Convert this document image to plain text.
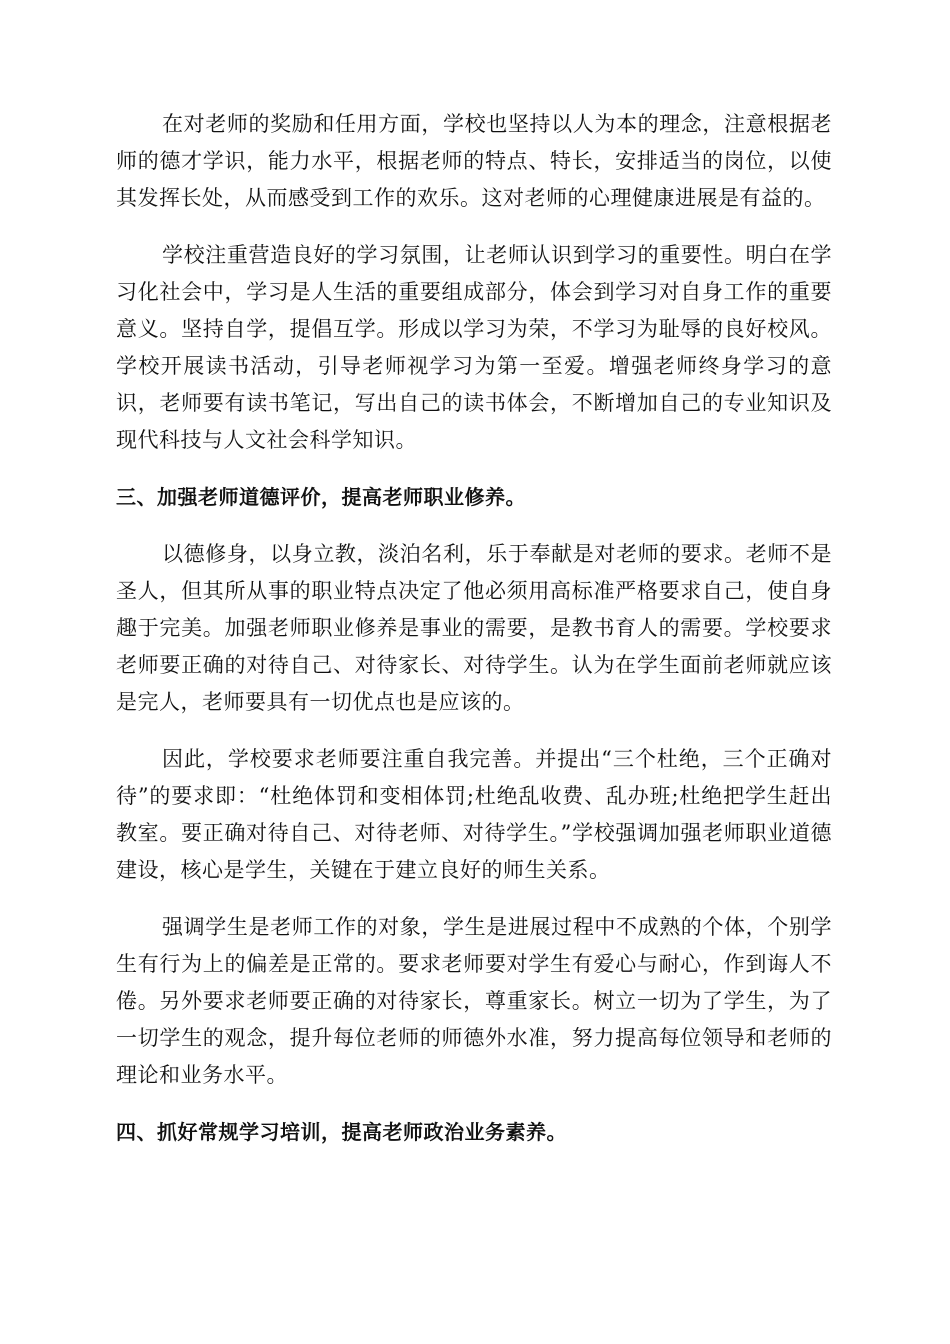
在对老师的奖励和任用方面，学校也坚持以人为本的理念，注意根据老师的德才学识，能力水平，根据老师的特点、特长，安排适当的岗位，以使其发挥长处，从而感受到工作的欢乐。这对老师的心理健康进展是有益的。

学校注重营造良好的学习氛围，让老师认识到学习的重要性。明白在学习化社会中，学习是人生活的重要组成部分，体会到学习对自身工作的重要意义。坚持自学，提倡互学。形成以学习为荣，不学习为耻辱的良好校风。学校开展读书活动，引导老师视学习为第一至爱。增强老师终身学习的意识，老师要有读书笔记，写出自己的读书体会，不断增加自己的专业知识及现代科技与人文社会科学知识。

三、加强老师道德评价，提高老师职业修养。

以德修身，以身立教，淡泊名利，乐于奉献是对老师的要求。老师不是圣人，但其所从事的职业特点决定了他必须用高标准严格要求自己，使自身趣于完美。加强老师职业修养是事业的需要，是教书育人的需要。学校要求老师要正确的对待自己、对待家长、对待学生。认为在学生面前老师就应该是完人，老师要具有一切优点也是应该的。

因此，学校要求老师要注重自我完善。并提出“三个杜绝，三个正确对待”的要求即：“杜绝体罚和变相体罚;杜绝乱收费、乱办班;杜绝把学生赶出教室。要正确对待自己、对待老师、对待学生。”学校强调加强老师职业道德建设，核心是学生，关键在于建立良好的师生关系。

强调学生是老师工作的对象，学生是进展过程中不成熟的个体，个别学生有行为上的偏差是正常的。要求老师要对学生有爱心与耐心，作到诲人不倦。另外要求老师要正确的对待家长，尊重家长。树立一切为了学生，为了一切学生的观念，提升每位老师的师德外水准，努力提高每位领导和老师的理论和业务水平。

四、抓好常规学习培训，提高老师政治业务素养。
